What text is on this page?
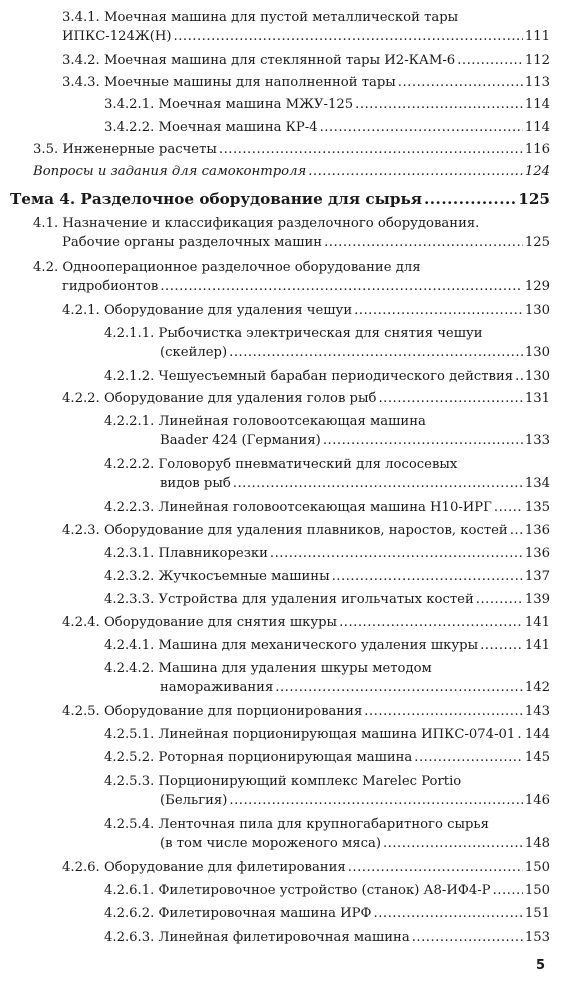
3.4.1. Моечная машина для пустой металлической тары
ИПКС-124Ж(Н) .....	111
3.4.2. Моечная машина для стеклянной тары И2-КАМ-6 .....	112
3.4.3. Моечные машины для наполненной тары .....	113
3.4.2.1. Моечная машина МЖУ-125 .....	114
3.4.2.2. Моечная машина КР-4 .....	114
3.5. Инженерные расчеты .....	116
Вопросы и задания для самоконтроля .....	124
Тема 4. Разделочное оборудование для сырья .....	125
4.1. Назначение и классификация разделочного оборудования.
Рабочие органы разделочных машин .....	125
4.2. Однооперационное разделочное оборудование для
гидробионтов .....	129
4.2.1. Оборудование для удаления чешуи .....	130
4.2.1.1. Рыбочистка электрическая для снятия чешуи
(скейлер) .....	130
4.2.1.2. Чешуесъемный барабан периодического действия ..... 130
4.2.2. Оборудование для удаления голов рыб .....	131
4.2.2.1. Линейная головоотсекающая машина
Baader 424 (Германия) .....	133
4.2.2.2. Головоруб пневматический для лососевых
видов рыб .....	134
4.2.2.3. Линейная головоотсекающая машина Н10-ИРГ ..... 135
4.2.3. Оборудование для удаления плавников, наростов, костей ..... 136
4.2.3.1. Плавникорезки .....	136
4.2.3.2. Жучкосъемные машины .....	137
4.2.3.3. Устройства для удаления игольчатых костей .....	139
4.2.4. Оборудование для снятия шкуры .....	141
4.2.4.1. Машина для механического удаления шкуры .....	141
4.2.4.2. Машина для удаления шкуры методом
наморaживания .....	142
4.2.5. Оборудование для порционирования .....	143
4.2.5.1. Линейная порционирующая машина ИПКС-074-01 ..... 144
4.2.5.2. Роторная порционирующая машина .....	145
4.2.5.3. Порционирующий комплекс Marelec Portio
(Бельгия) .....	146
4.2.5.4. Ленточная пила для крупногабаритного сырья
(в том числе мороженого мяса) .....	148
4.2.6. Оборудование для филетирования .....	150
4.2.6.1. Филетировочное устройство (станок) А8-ИФ4-Р .....	150
4.2.6.2. Филетировочная машина ИРФ .....	151
4.2.6.3. Линейная филетировочная машина .....	153
5
